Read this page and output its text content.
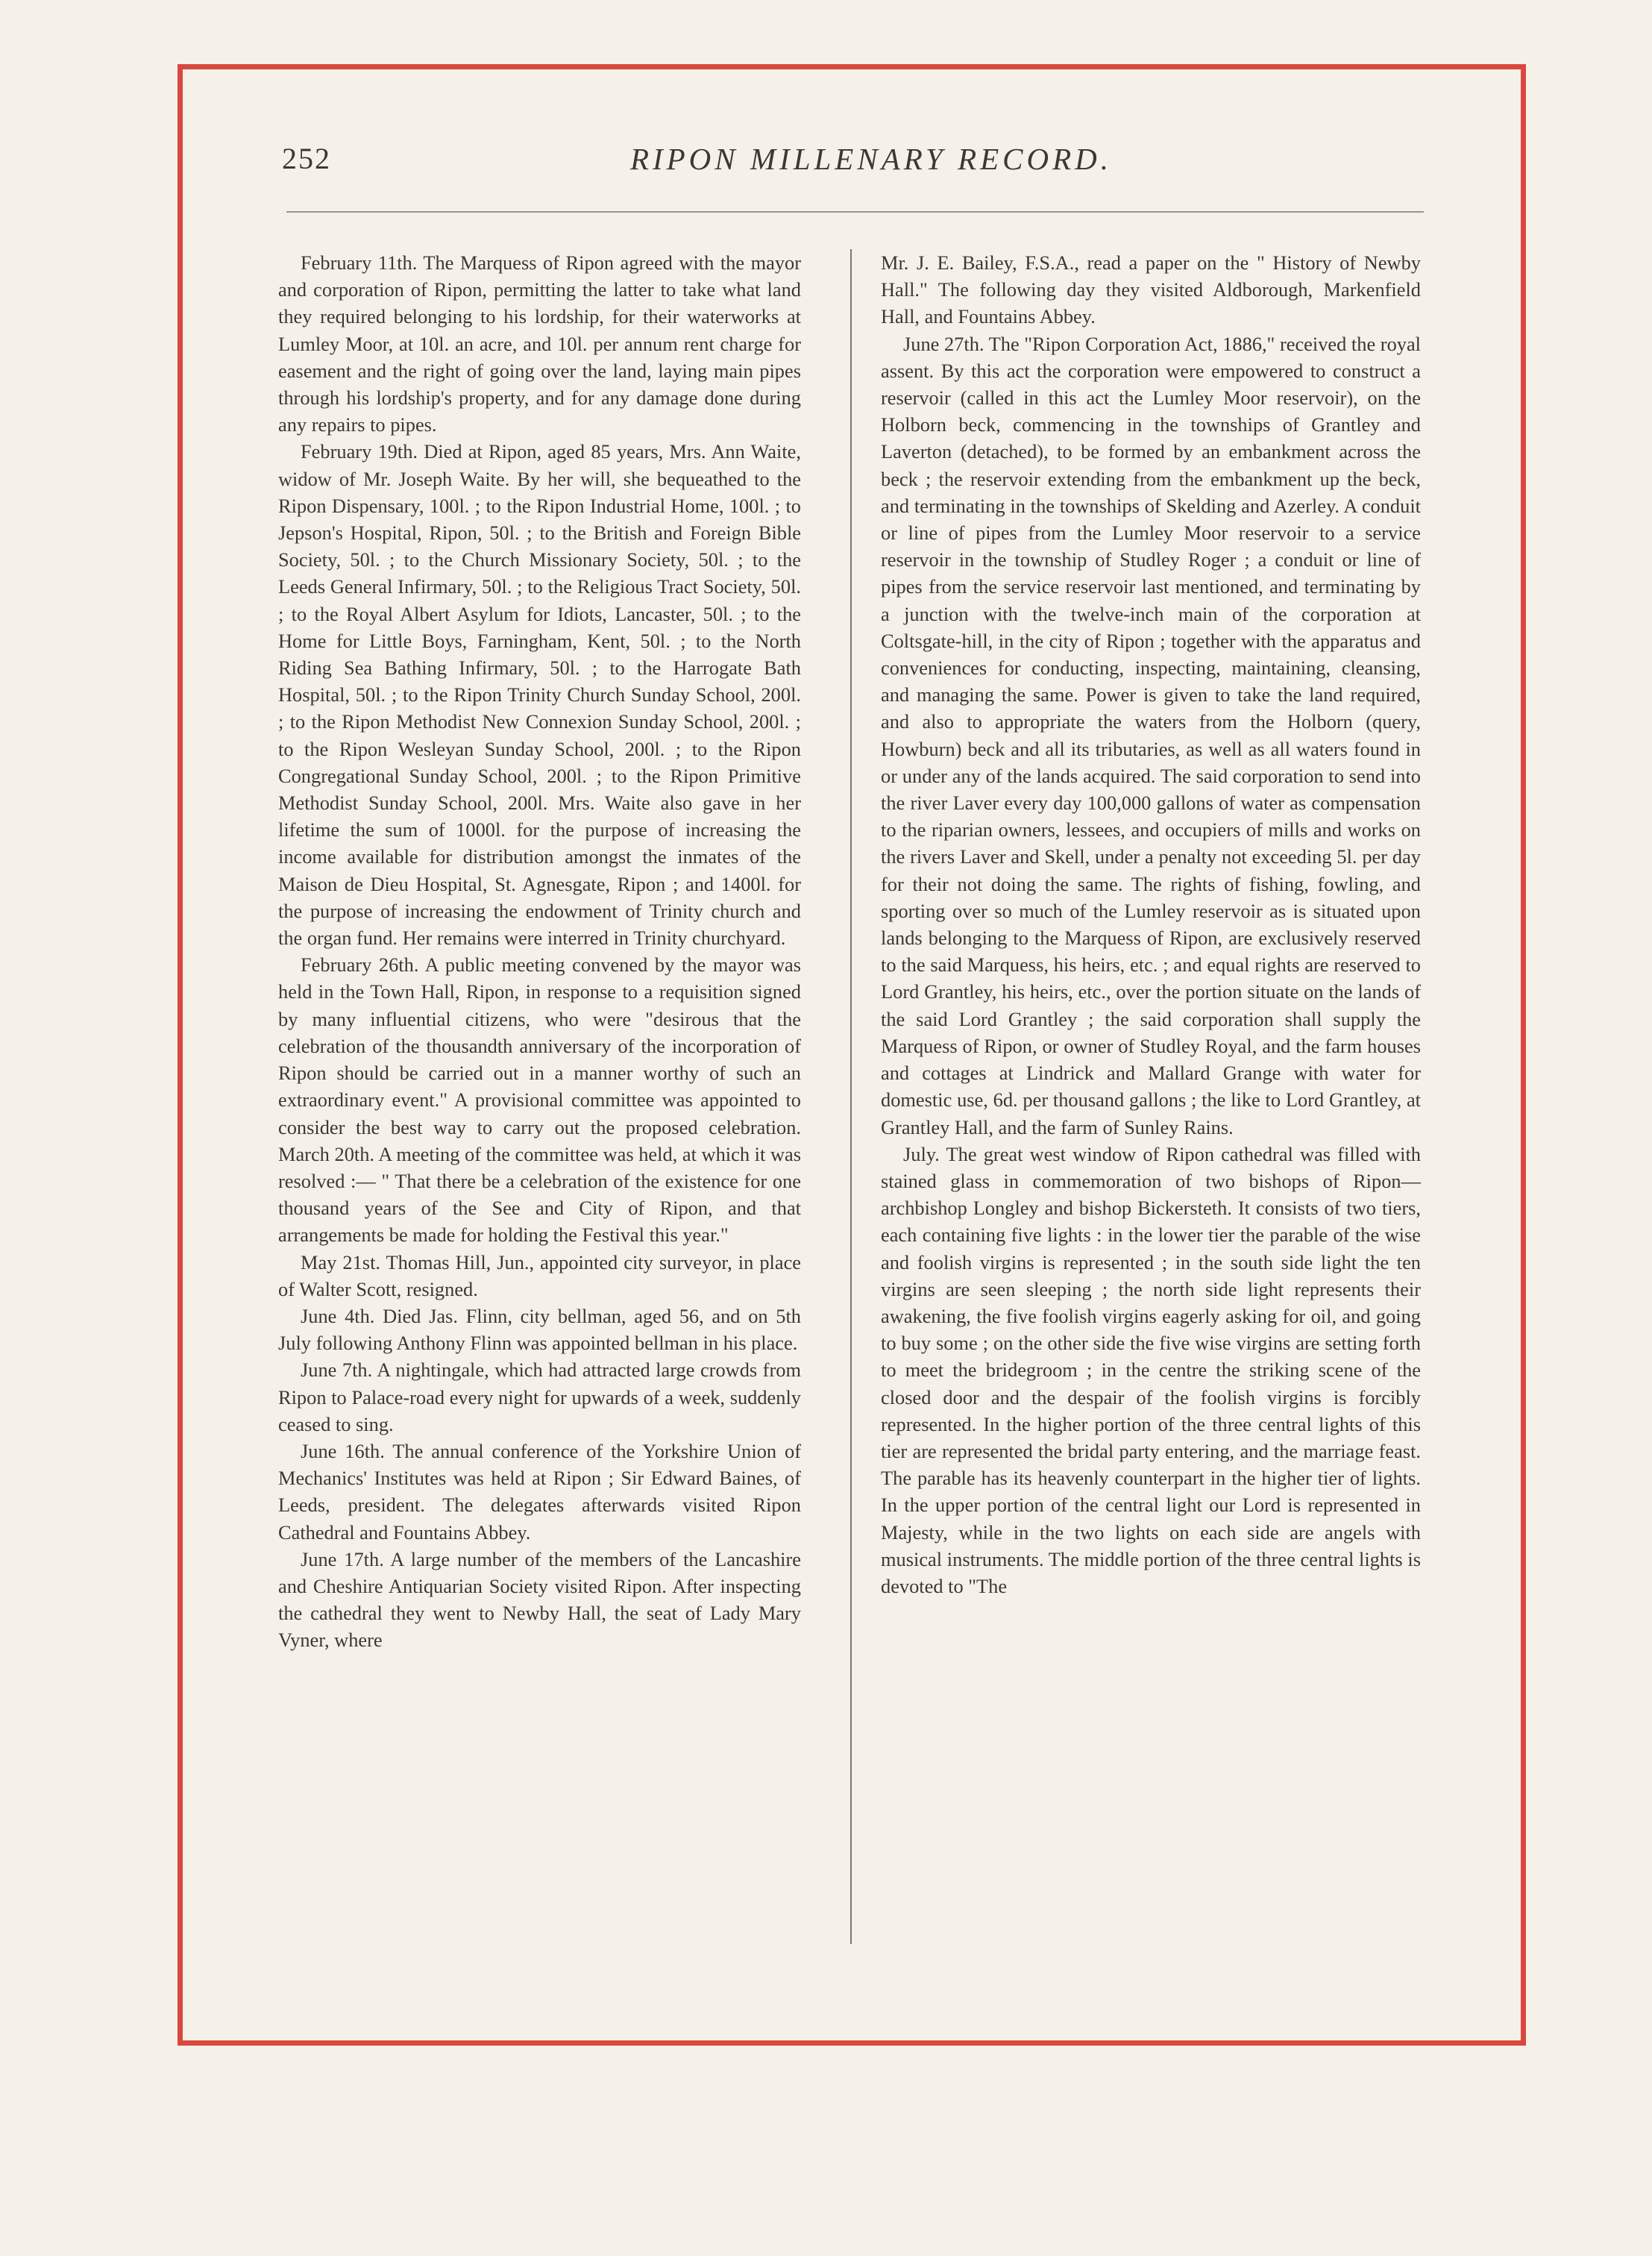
252	RIPON MILLENARY RECORD.

February 11th. The Marquess of Ripon agreed with the mayor and corporation of Ripon, permitting the latter to take what land they required belonging to his lordship, for their waterworks at Lumley Moor, at 10l. an acre, and 10l. per annum rent charge for easement and the right of going over the land, laying main pipes through his lordship's property, and for any damage done during any repairs to pipes.

February 19th. Died at Ripon, aged 85 years, Mrs. Ann Waite, widow of Mr. Joseph Waite. By her will, she bequeathed to the Ripon Dispensary, 100l. ; to the Ripon Industrial Home, 100l. ; to Jepson's Hospital, Ripon, 50l. ; to the British and Foreign Bible Society, 50l. ; to the Church Missionary Society, 50l. ; to the Leeds General Infirmary, 50l. ; to the Religious Tract Society, 50l. ; to the Royal Albert Asylum for Idiots, Lancaster, 50l. ; to the Home for Little Boys, Farningham, Kent, 50l. ; to the North Riding Sea Bathing Infirmary, 50l. ; to the Harrogate Bath Hospital, 50l. ; to the Ripon Trinity Church Sunday School, 200l. ; to the Ripon Methodist New Connexion Sunday School, 200l. ; to the Ripon Wesleyan Sunday School, 200l. ; to the Ripon Congregational Sunday School, 200l. ; to the Ripon Primitive Methodist Sunday School, 200l. Mrs. Waite also gave in her lifetime the sum of 1000l. for the purpose of increasing the income available for distribution amongst the inmates of the Maison de Dieu Hospital, St. Agnesgate, Ripon ; and 1400l. for the purpose of increasing the endowment of Trinity church and the organ fund. Her remains were interred in Trinity churchyard.

February 26th. A public meeting convened by the mayor was held in the Town Hall, Ripon, in response to a requisition signed by many influential citizens, who were "desirous that the celebration of the thousandth anniversary of the incorporation of Ripon should be carried out in a manner worthy of such an extraordinary event." A provisional committee was appointed to consider the best way to carry out the proposed celebration. March 20th. A meeting of the committee was held, at which it was resolved :— " That there be a celebration of the existence for one thousand years of the See and City of Ripon, and that arrangements be made for holding the Festival this year."

May 21st. Thomas Hill, Jun., appointed city surveyor, in place of Walter Scott, resigned.

June 4th. Died Jas. Flinn, city bellman, aged 56, and on 5th July following Anthony Flinn was appointed bellman in his place.

June 7th. A nightingale, which had attracted large crowds from Ripon to Palace-road every night for upwards of a week, suddenly ceased to sing.

June 16th. The annual conference of the Yorkshire Union of Mechanics' Institutes was held at Ripon ; Sir Edward Baines, of Leeds, president. The delegates afterwards visited Ripon Cathedral and Fountains Abbey.

June 17th. A large number of the members of the Lancashire and Cheshire Antiquarian Society visited Ripon. After inspecting the cathedral they went to Newby Hall, the seat of Lady Mary Vyner, where

Mr. J. E. Bailey, F.S.A., read a paper on the " History of Newby Hall." The following day they visited Aldborough, Markenfield Hall, and Fountains Abbey.

June 27th. The "Ripon Corporation Act, 1886," received the royal assent. By this act the corporation were empowered to construct a reservoir (called in this act the Lumley Moor reservoir), on the Holborn beck, commencing in the townships of Grantley and Laverton (detached), to be formed by an embankment across the beck ; the reservoir extending from the embankment up the beck, and terminating in the townships of Skelding and Azerley. A conduit or line of pipes from the Lumley Moor reservoir to a service reservoir in the township of Studley Roger ; a conduit or line of pipes from the service reservoir last mentioned, and terminating by a junction with the twelve-inch main of the corporation at Coltsgate-hill, in the city of Ripon ; together with the apparatus and conveniences for conducting, inspecting, maintaining, cleansing, and managing the same. Power is given to take the land required, and also to appropriate the waters from the Holborn (query, Howburn) beck and all its tributaries, as well as all waters found in or under any of the lands acquired. The said corporation to send into the river Laver every day 100,000 gallons of water as compensation to the riparian owners, lessees, and occupiers of mills and works on the rivers Laver and Skell, under a penalty not exceeding 5l. per day for their not doing the same. The rights of fishing, fowling, and sporting over so much of the Lumley reservoir as is situated upon lands belonging to the Marquess of Ripon, are exclusively reserved to the said Marquess, his heirs, etc. ; and equal rights are reserved to Lord Grantley, his heirs, etc., over the portion situate on the lands of the said Lord Grantley ; the said corporation shall supply the Marquess of Ripon, or owner of Studley Royal, and the farm houses and cottages at Lindrick and Mallard Grange with water for domestic use, 6d. per thousand gallons ; the like to Lord Grantley, at Grantley Hall, and the farm of Sunley Rains.

July. The great west window of Ripon cathedral was filled with stained glass in commemoration of two bishops of Ripon—archbishop Longley and bishop Bickersteth. It consists of two tiers, each containing five lights : in the lower tier the parable of the wise and foolish virgins is represented ; in the south side light the ten virgins are seen sleeping ; the north side light represents their awakening, the five foolish virgins eagerly asking for oil, and going to buy some ; on the other side the five wise virgins are setting forth to meet the bridegroom ; in the centre the striking scene of the closed door and the despair of the foolish virgins is forcibly represented. In the higher portion of the three central lights of this tier are represented the bridal party entering, and the marriage feast. The parable has its heavenly counterpart in the higher tier of lights. In the upper portion of the central light our Lord is represented in Majesty, while in the two lights on each side are angels with musical instruments. The middle portion of the three central lights is devoted to "The
